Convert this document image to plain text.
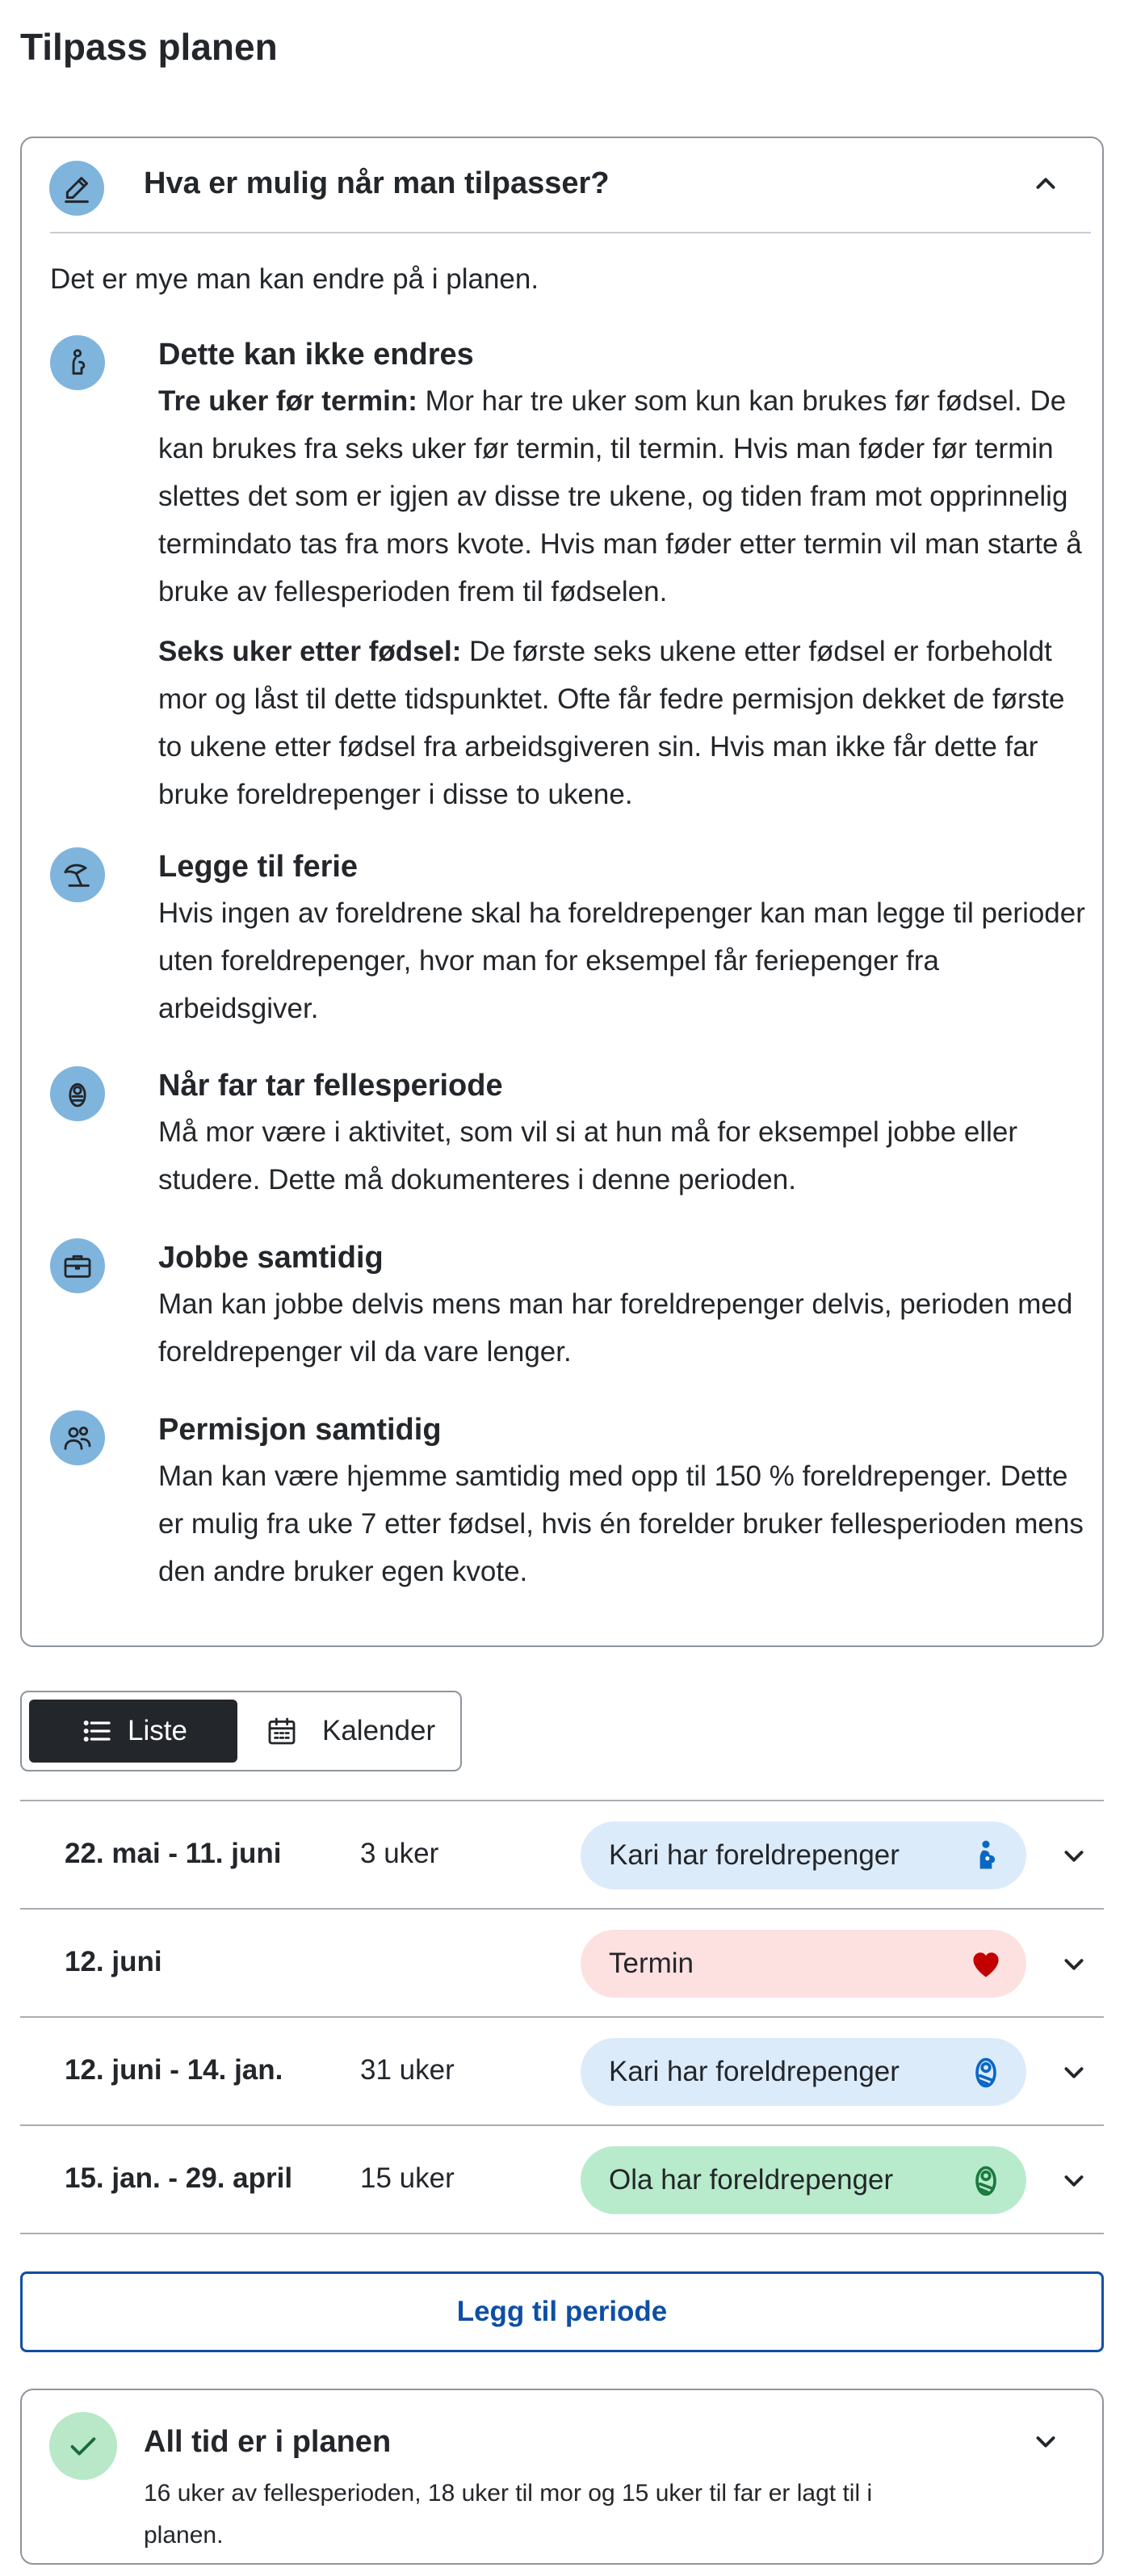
Tilpass planen
Hva er mulig når man tilpasser?
Det er mye man kan endre på i planen.
Dette kan ikke endres

Tre uker før termin: Mor har tre uker som kun kan brukes før fødsel. De kan brukes fra seks uker før termin, til termin. Hvis man føder før termin slettes det som er igjen av disse tre ukene, og tiden fram mot opprinnelig termindato tas fra mors kvote. Hvis man føder etter termin vil man starte å bruke av fellesperioden frem til fødselen.

Seks uker etter fødsel: De første seks ukene etter fødsel er forbeholdt mor og låst til dette tidspunktet. Ofte får fedre permisjon dekket de første to ukene etter fødsel fra arbeidsgiveren sin. Hvis man ikke får dette far bruke foreldrepenger i disse to ukene.

Legge til ferie

Hvis ingen av foreldrene skal ha foreldrepenger kan man legge til perioder uten foreldrepenger, hvor man for eksempel får feriepenger fra arbeidsgiver.

Når far tar fellesperiode

Må mor være i aktivitet, som vil si at hun må for eksempel jobbe eller studere. Dette må dokumenteres i denne perioden.

Jobbe samtidig

Man kan jobbe delvis mens man har foreldrepenger delvis, perioden med foreldrepenger vil da vare lenger.

Permisjon samtidig

Man kan være hjemme samtidig med opp til 150 % foreldrepenger. Dette er mulig fra uke 7 etter fødsel, hvis én forelder bruker fellesperioden mens den andre bruker egen kvote.

Liste	Kalender
22. mai - 11. juni	3 uker	Kari har foreldrepenger
12. juni	Termin
12. juni - 14. jan.	31 uker	Kari har foreldrepenger
15. jan. - 29. april 15 uker	Ola har foreldrepenger
Legg til periode
All tid er i planen

16 uker av fellesperioden, 18 uker til mor og 15 uker til far er lagt til i planen.
